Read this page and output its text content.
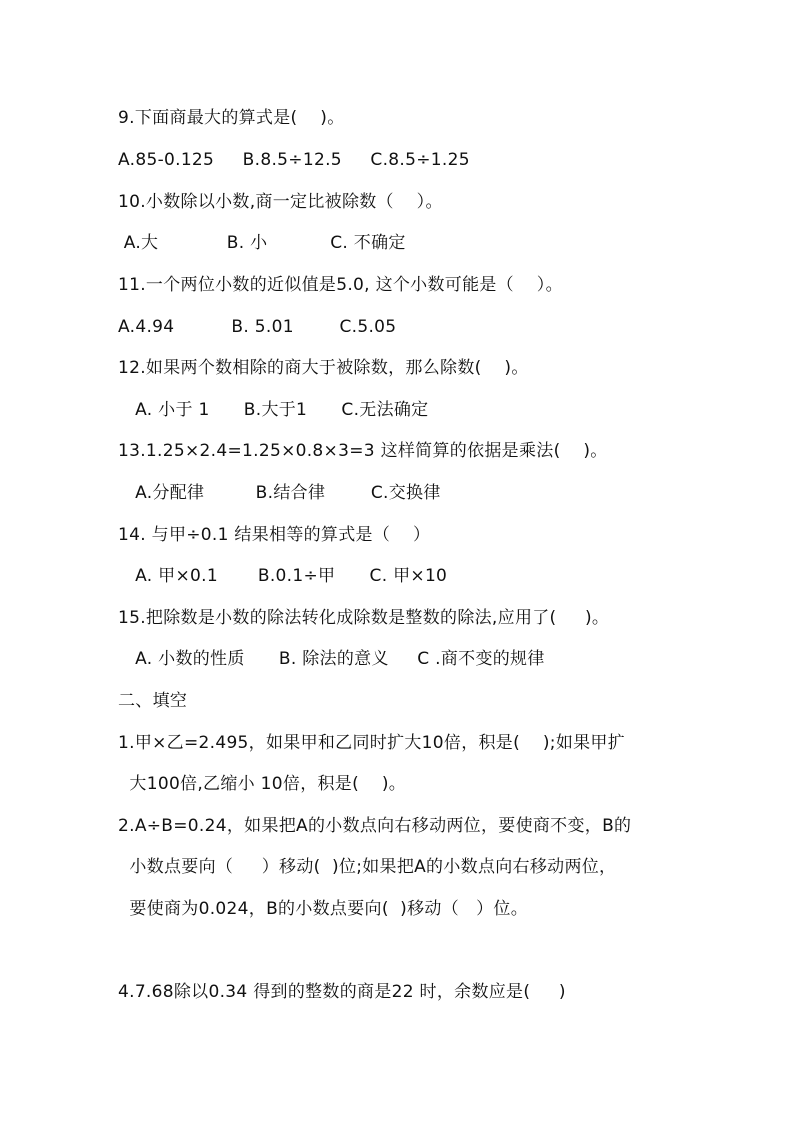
9.下面商最大的算式是(    )。
A.85-0.125     B.8.5÷12.5     C.8.5÷1.25
10.小数除以小数,商一定比被除数（    ）。
A.大            B. 小           C. 不确定
11.一个两位小数的近似值是5.0, 这个小数可能是（    ）。
A.4.94          B. 5.01        C.5.05
12.如果两个数相除的商大于被除数，那么除数(    )。
A. 小于 1      B.大于1      C.无法确定
13.1.25×2.4=1.25×0.8×3=3 这样简算的依据是乘法(    )。
A.分配律         B.结合律        C.交换律
14. 与甲÷0.1 结果相等的算式是（    ）
A. 甲×0.1       B.0.1÷甲      C. 甲×10
15.把除数是小数的除法转化成除数是整数的除法,应用了(     )。
A. 小数的性质      B. 除法的意义     C .商不变的规律
二、填空
1.甲×乙=2.495，如果甲和乙同时扩大10倍，积是(    );如果甲扩
大100倍,乙缩小 10倍，积是(    )。
2.A÷B=0.24，如果把A的小数点向右移动两位，要使商不变，B的
小数点要向（     ）移动(  )位;如果把A的小数点向右移动两位，
要使商为0.024，B的小数点要向(  )移动（   ）位。
4.7.68除以0.34 得到的整数的商是22 时，余数应是(     )
